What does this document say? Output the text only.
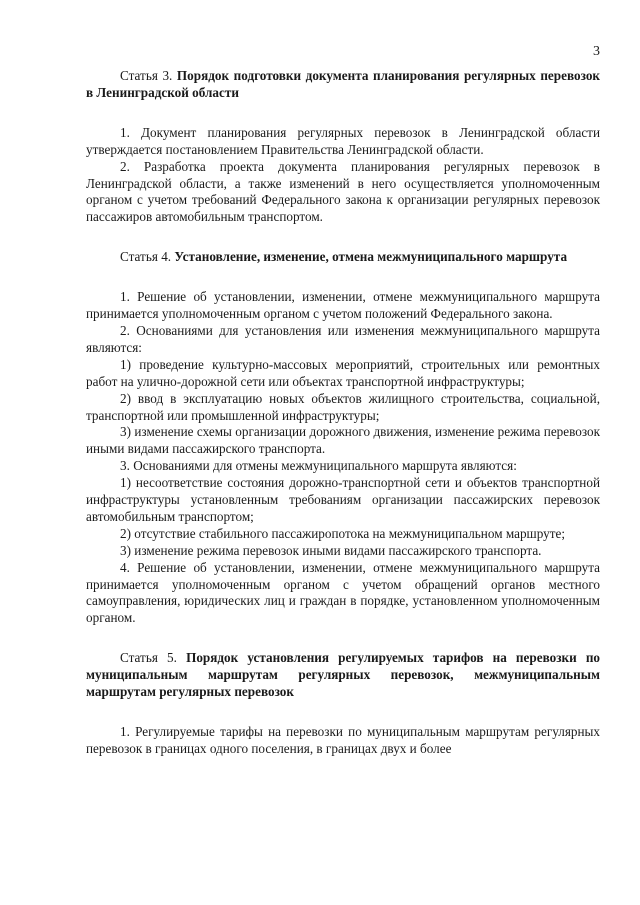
3

Статья 3. Порядок подготовки документа планирования регулярных перевозок в Ленинградской области

1. Документ планирования регулярных перевозок в Ленинградской области утверждается постановлением Правительства Ленинградской области.

2. Разработка проекта документа планирования регулярных перевозок в Ленинградской области, а также изменений в него осуществляется уполномоченным органом с учетом требований Федерального закона к организации регулярных перевозок пассажиров автомобильным транспортом.

Статья 4. Установление, изменение, отмена межмуниципального маршрута

1. Решение об установлении, изменении, отмене межмуниципального маршрута принимается уполномоченным органом с учетом положений Федерального закона.

2. Основаниями для установления или изменения межмуниципального маршрута являются:

1) проведение культурно-массовых мероприятий, строительных или ремонтных работ на улично-дорожной сети или объектах транспортной инфраструктуры;

2) ввод в эксплуатацию новых объектов жилищного строительства, социальной, транспортной или промышленной инфраструктуры;

3) изменение схемы организации дорожного движения, изменение режима перевозок иными видами пассажирского транспорта.

3. Основаниями для отмены межмуниципального маршрута являются:

1) несоответствие состояния дорожно-транспортной сети и объектов транспортной инфраструктуры установленным требованиям организации пассажирских перевозок автомобильным транспортом;

2) отсутствие стабильного пассажиропотока на межмуниципальном маршруте;

3) изменение режима перевозок иными видами пассажирского транспорта.

4. Решение об установлении, изменении, отмене межмуниципального маршрута принимается уполномоченным органом с учетом обращений органов местного самоуправления, юридических лиц и граждан в порядке, установленном уполномоченным органом.

Статья 5. Порядок установления регулируемых тарифов на перевозки по муниципальным маршрутам регулярных перевозок, межмуниципальным маршрутам регулярных перевозок

1. Регулируемые тарифы на перевозки по муниципальным маршрутам регулярных перевозок в границах одного поселения, в границах двух и более
